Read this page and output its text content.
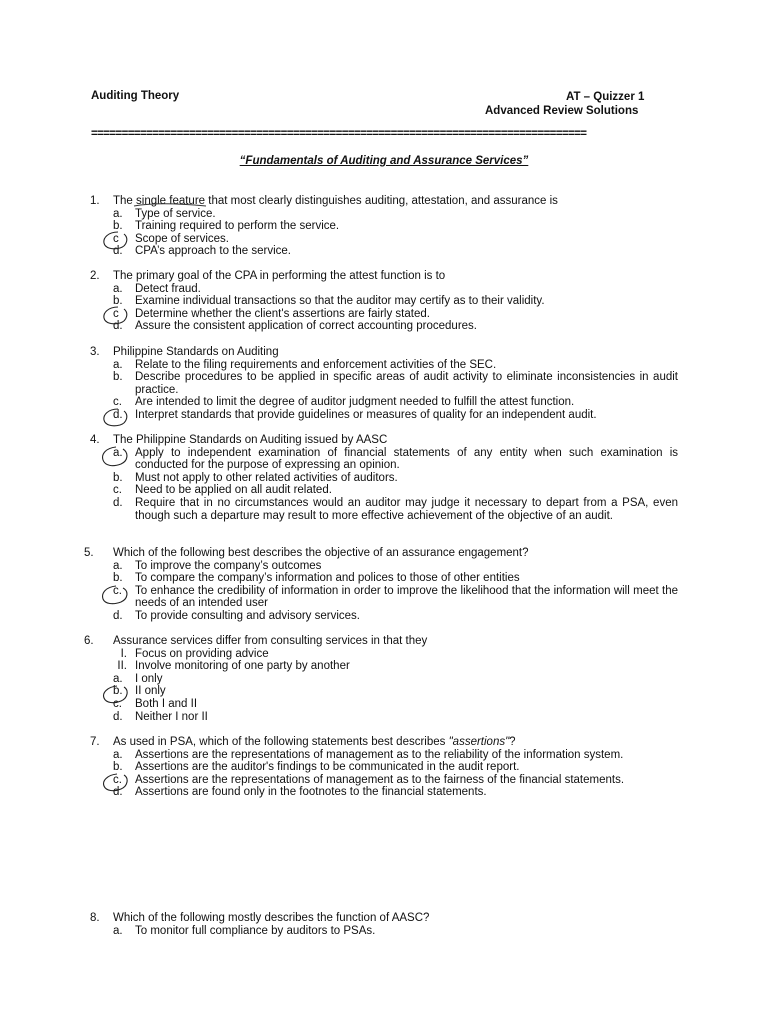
Auditing Theory	AT – Quizzer 1
Advanced Review Solutions
=================================================================================
“Fundamentals of Auditing and Assurance Services”
1. The single feature that most clearly distinguishes auditing, attestation, and assurance is
a.	Type of service.
b.	Training required to perform the service.
c	Scope of services.
d.	CPA’s approach to the service.
2. The primary goal of the CPA in performing the attest function is to
a.	Detect fraud.
b.	Examine individual transactions so that the auditor may certify as to their validity.
c	Determine whether the client's assertions are fairly stated.
d.	Assure the consistent application of correct accounting procedures.
3. Philippine Standards on Auditing
a.	Relate to the filing requirements and enforcement activities of the SEC.
b.	Describe procedures to be applied in specific areas of audit activity to eliminate inconsistencies in audit practice.
c.	Are intended to limit the degree of auditor judgment needed to fulfill the attest function.
d.	Interpret standards that provide guidelines or measures of quality for an independent audit.
4. The Philippine Standards on Auditing issued by AASC
a.	Apply to independent examination of financial statements of any entity when such examination is conducted for the purpose of expressing an opinion.
b.	Must not apply to other related activities of auditors.
c.	Need to be applied on all audit related.
d.	Require that in no circumstances would an auditor may judge it necessary to depart from a PSA, even though such a departure may result to more effective achievement of the objective of an audit.
5. Which of the following best describes the objective of an assurance engagement?
a.	To improve the company’s outcomes
b.	To compare the company’s information and polices to those of other entities
c.	To enhance the credibility of information in order to improve the likelihood that the information will meet the needs of an intended user
d.	To provide consulting and advisory services.
6. Assurance services differ from consulting services in that they
I. Focus on providing advice
II. Involve monitoring of one party by another
a.	I only
b.	II only
c.	Both I and II
d.	Neither I nor II
7. As used in PSA, which of the following statements best describes "assertions"?
a.	Assertions are the representations of management as to the reliability of the information system.
b.	Assertions are the auditor's findings to be communicated in the audit report.
c.	Assertions are the representations of management as to the fairness of the financial statements.
d.	Assertions are found only in the footnotes to the financial statements.
8. Which of the following mostly describes the function of AASC?
a.	To monitor full compliance by auditors to PSAs.
